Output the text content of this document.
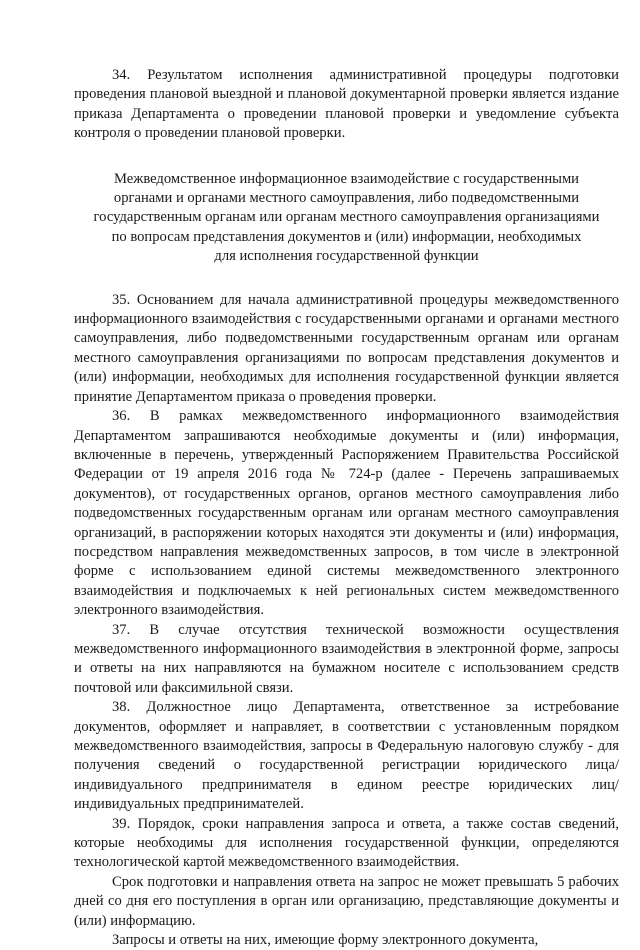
34. Результатом исполнения административной процедуры подготовки проведения плановой выездной и плановой документарной проверки является издание приказа Департамента о проведении плановой проверки и уведомление субъекта контроля о проведении плановой проверки.

Межведомственное информационное взаимодействие с государственными
органами и органами местного самоуправления, либо подведомственными
государственным органам или органам местного самоуправления организациями
по вопросам представления документов и (или) информации, необходимых
для исполнения государственной функции

35. Основанием для начала административной процедуры межведомственного информационного взаимодействия с государственными органами и органами местного самоуправления, либо подведомственными государственным органам или органам местного самоуправления организациями по вопросам представления документов и (или) информации, необходимых для исполнения государственной функции является принятие Департаментом приказа о проведения проверки.

36. В рамках межведомственного информационного взаимодействия Департаментом запрашиваются необходимые документы и (или) информация, включенные в перечень, утвержденный Распоряжением Правительства Российской Федерации от 19 апреля 2016 года № 724-р (далее - Перечень запрашиваемых документов), от государственных органов, органов местного самоуправления либо подведомственных государственным органам или органам местного самоуправления организаций, в распоряжении которых находятся эти документы и (или) информация, посредством направления межведомственных запросов, в том числе в электронной форме с использованием единой системы межведомственного электронного взаимодействия и подключаемых к ней региональных систем межведомственного электронного взаимодействия.

37. В случае отсутствия технической возможности осуществления межведомственного информационного взаимодействия в электронной форме, запросы и ответы на них направляются на бумажном носителе с использованием средств почтовой или факсимильной связи.

38. Должностное лицо Департамента, ответственное за истребование документов, оформляет и направляет, в соответствии с установленным порядком межведомственного взаимодействия, запросы в Федеральную налоговую службу - для получения сведений о государственной регистрации юридического лица/индивидуального предпринимателя в едином реестре юридических лиц/индивидуальных предпринимателей.

39. Порядок, сроки направления запроса и ответа, а также состав сведений, которые необходимы для исполнения государственной функции, определяются технологической картой межведомственного взаимодействия.

Срок подготовки и направления ответа на запрос не может превышать 5 рабочих дней со дня его поступления в орган или организацию, представляющие документы и (или) информацию.

Запросы и ответы на них, имеющие форму электронного документа,
